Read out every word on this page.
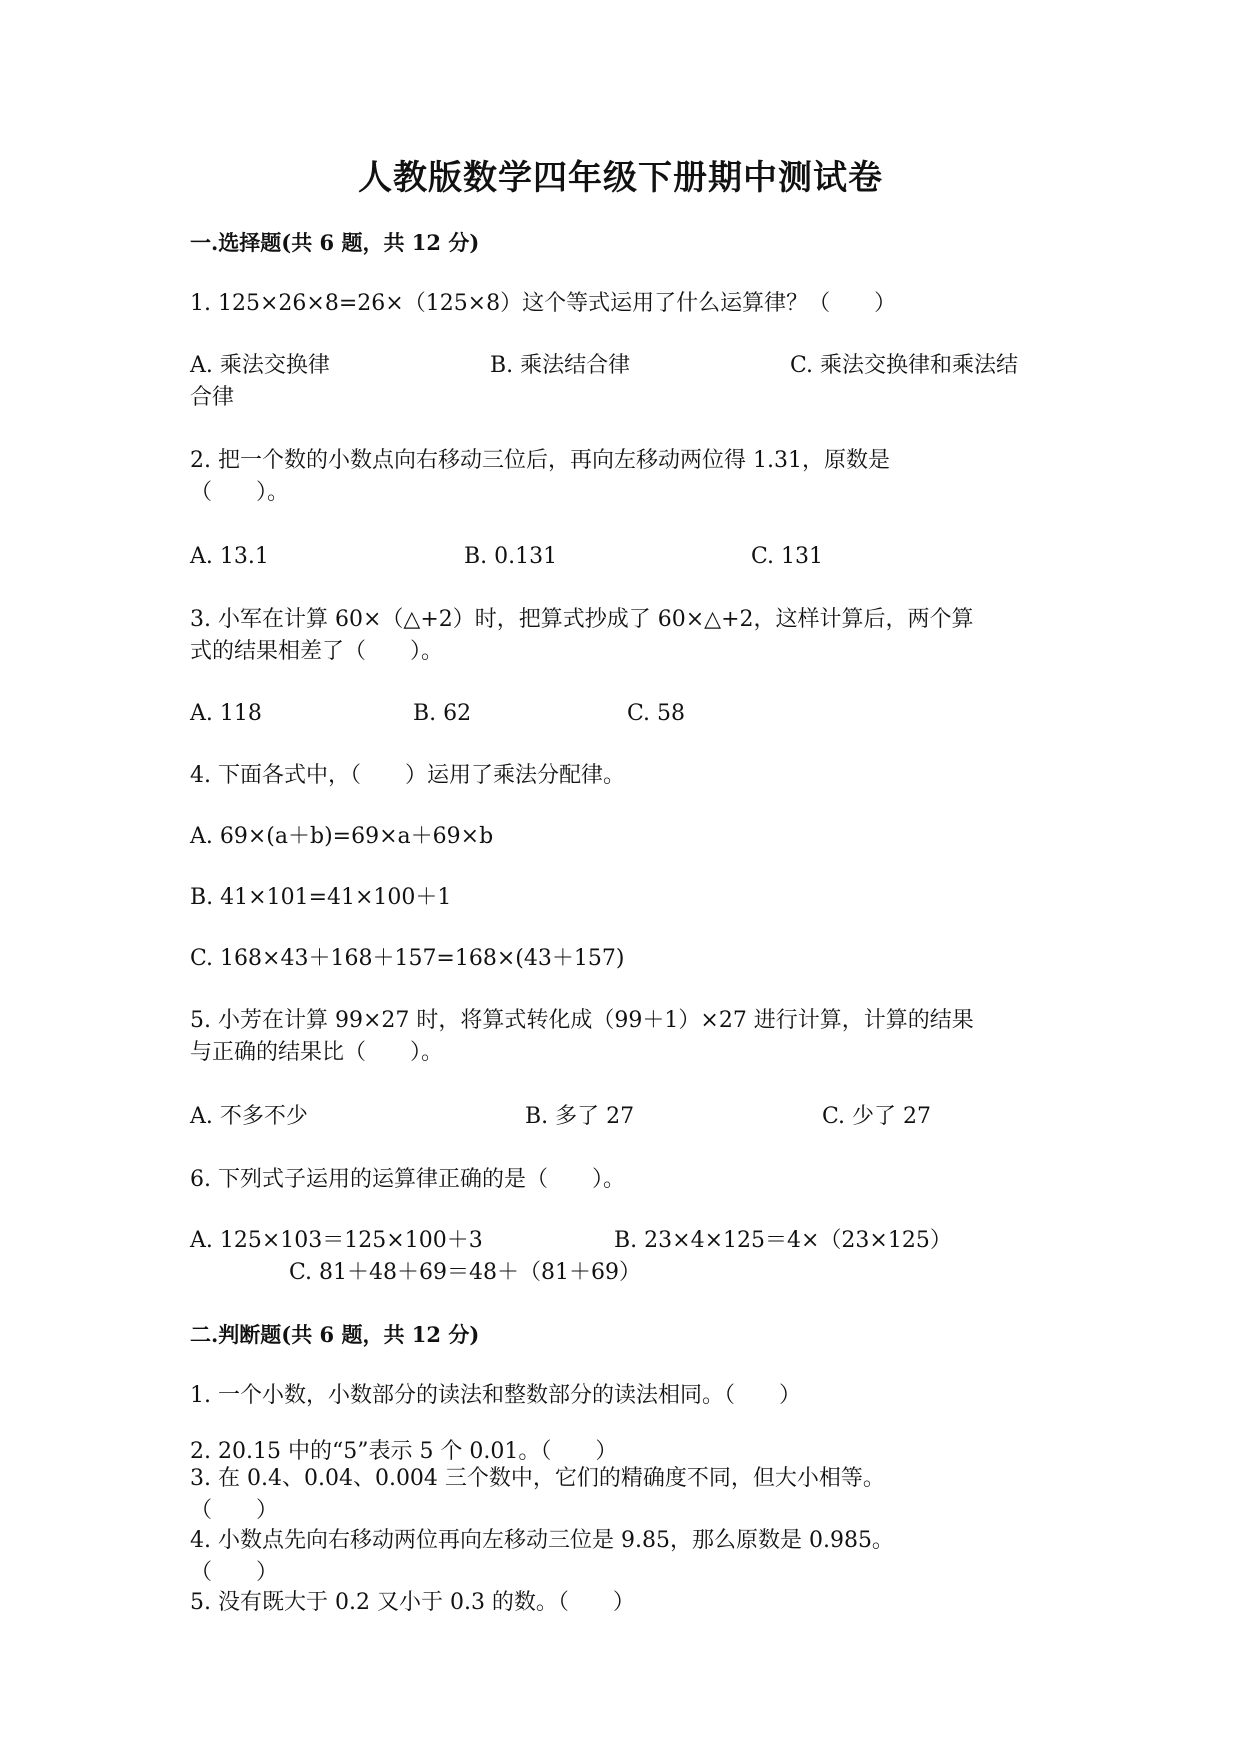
人教版数学四年级下册期中测试卷
一.选择题(共 6 题，共 12 分)
1. 125×26×8=26×（125×8）这个等式运用了什么运算律？（　　）
A. 乘法交换律	B. 乘法结合律	C. 乘法交换律和乘法结
合律
2. 把一个数的小数点向右移动三位后，再向左移动两位得 1.31，原数是
（　　）。
A. 13.1	B. 0.131	C. 131
3. 小军在计算 60×（△+2）时，把算式抄成了 60×△+2，这样计算后，两个算
式的结果相差了（　　）。
A. 118	B. 62	C. 58
4. 下面各式中，（　　）运用了乘法分配律。
A. 69×(a＋b)=69×a＋69×b
B. 41×101=41×100＋1
C. 168×43＋168＋157=168×(43＋157)
5. 小芳在计算 99×27 时，将算式转化成（99＋1）×27 进行计算，计算的结果
与正确的结果比（　　）。
A. 不多不少	B. 多了 27	C. 少了 27
6. 下列式子运用的运算律正确的是（　　）。
A. 125×103＝125×100＋3	B. 23×4×125＝4×（23×125）
C. 81＋48＋69＝48＋（81＋69）
二.判断题(共 6 题，共 12 分)
1. 一个小数，小数部分的读法和整数部分的读法相同。（　　）
2. 20.15 中的“5”表示 5 个 0.01。（　　）
3. 在 0.4、0.04、0.004 三个数中，它们的精确度不同，但大小相等。
（　　）
4. 小数点先向右移动两位再向左移动三位是 9.85，那么原数是 0.985。
（　　）
5. 没有既大于 0.2 又小于 0.3 的数。（　　）
